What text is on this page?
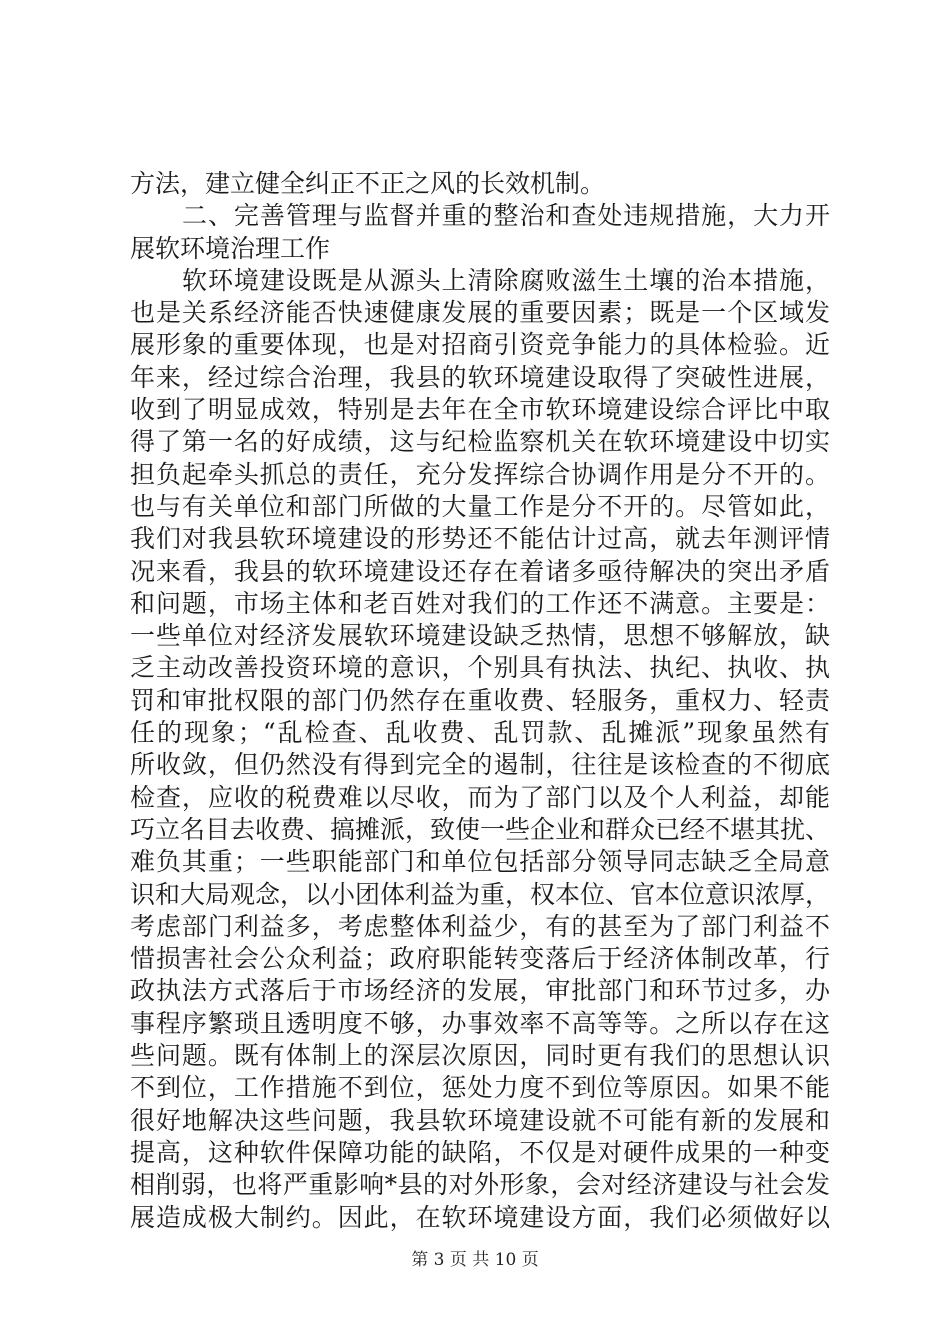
方法，建立健全纠正不正之风的长效机制。
二、完善管理与监督并重的整治和查处违规措施，大力开
展软环境治理工作
软环境建设既是从源头上清除腐败滋生土壤的治本措施，
也是关系经济能否快速健康发展的重要因素；既是一个区域发
展形象的重要体现，也是对招商引资竞争能力的具体检验。近
年来，经过综合治理，我县的软环境建设取得了突破性进展，
收到了明显成效，特别是去年在全市软环境建设综合评比中取
得了第一名的好成绩，这与纪检监察机关在软环境建设中切实
担负起牵头抓总的责任，充分发挥综合协调作用是分不开的。
也与有关单位和部门所做的大量工作是分不开的。尽管如此，
我们对我县软环境建设的形势还不能估计过高，就去年测评情
况来看，我县的软环境建设还存在着诸多亟待解决的突出矛盾
和问题，市场主体和老百姓对我们的工作还不满意。主要是：
一些单位对经济发展软环境建设缺乏热情，思想不够解放，缺
乏主动改善投资环境的意识，个别具有执法、执纪、执收、执
罚和审批权限的部门仍然存在重收费、轻服务，重权力、轻责
任的现象；“乱检查、乱收费、乱罚款、乱摊派”现象虽然有
所收敛，但仍然没有得到完全的遏制，往往是该检查的不彻底
检查，应收的税费难以尽收，而为了部门以及个人利益，却能
巧立名目去收费、搞摊派，致使一些企业和群众已经不堪其扰、
难负其重；一些职能部门和单位包括部分领导同志缺乏全局意
识和大局观念，以小团体利益为重，权本位、官本位意识浓厚，
考虑部门利益多，考虑整体利益少，有的甚至为了部门利益不
惜损害社会公众利益；政府职能转变落后于经济体制改革，行
政执法方式落后于市场经济的发展，审批部门和环节过多，办
事程序繁琐且透明度不够，办事效率不高等等。之所以存在这
些问题。既有体制上的深层次原因，同时更有我们的思想认识
不到位，工作措施不到位，惩处力度不到位等原因。如果不能
很好地解决这些问题，我县软环境建设就不可能有新的发展和
提高，这种软件保障功能的缺陷，不仅是对硬件成果的一种变
相削弱，也将严重影响*县的对外形象，会对经济建设与社会发
展造成极大制约。因此，在软环境建设方面，我们必须做好以
第 3 页 共 10 页
